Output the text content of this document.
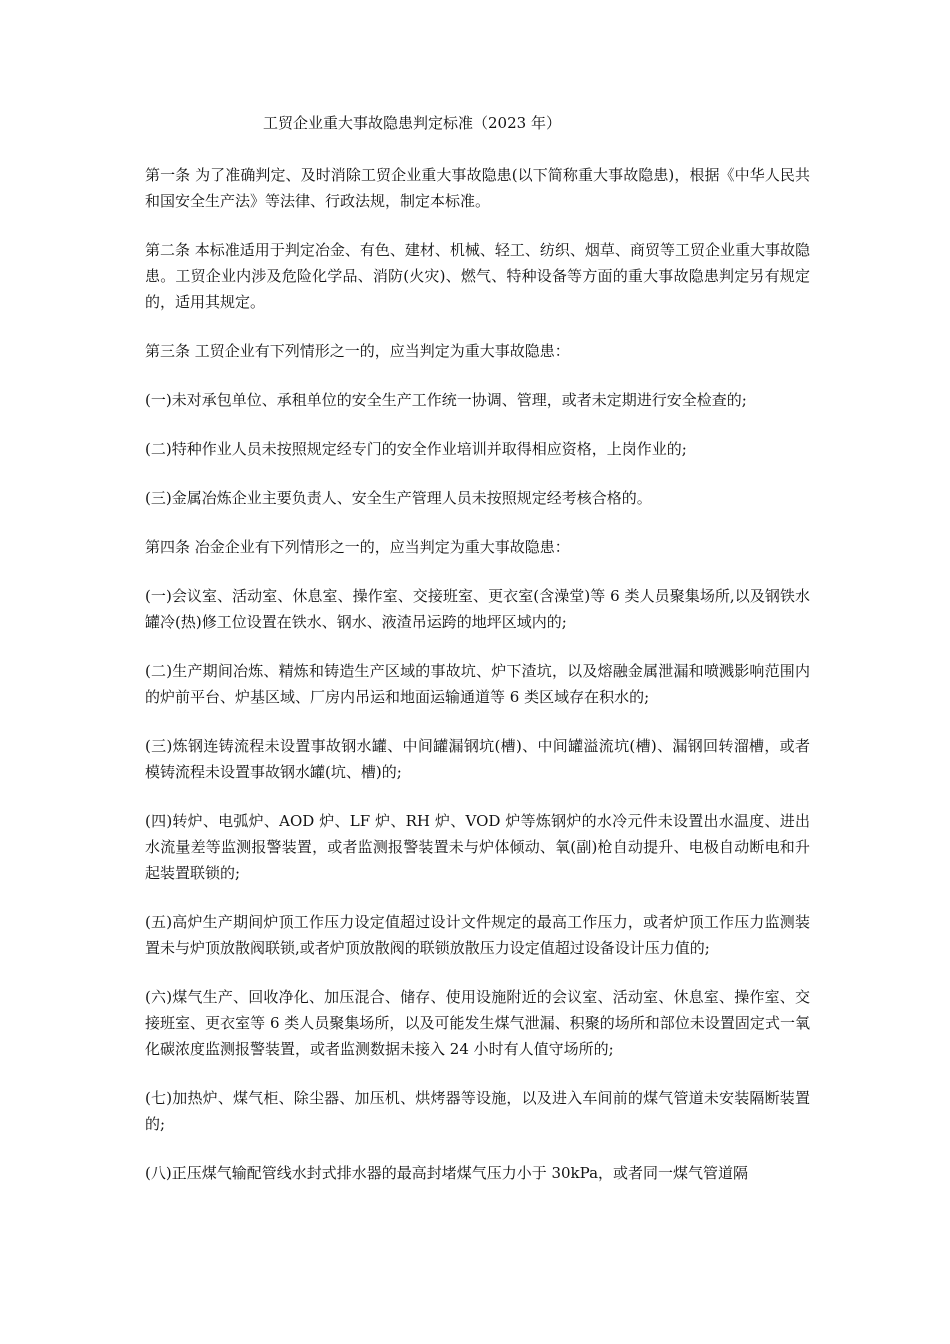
工贸企业重大事故隐患判定标准（2023 年）

第一条 为了准确判定、及时消除工贸企业重大事故隐患(以下简称重大事故隐患)，根据《中华人民共和国安全生产法》等法律、行政法规，制定本标准。

第二条 本标准适用于判定冶金、有色、建材、机械、轻工、纺织、烟草、商贸等工贸企业重大事故隐患。工贸企业内涉及危险化学品、消防(火灾)、燃气、特种设备等方面的重大事故隐患判定另有规定的，适用其规定。

第三条 工贸企业有下列情形之一的，应当判定为重大事故隐患：

(一)未对承包单位、承租单位的安全生产工作统一协调、管理，或者未定期进行安全检查的;

(二)特种作业人员未按照规定经专门的安全作业培训并取得相应资格，上岗作业的;

(三)金属冶炼企业主要负责人、安全生产管理人员未按照规定经考核合格的。

第四条 冶金企业有下列情形之一的，应当判定为重大事故隐患：

(一)会议室、活动室、休息室、操作室、交接班室、更衣室(含澡堂)等 6 类人员聚集场所,以及钢铁水罐冷(热)修工位设置在铁水、钢水、液渣吊运跨的地坪区域内的;

(二)生产期间冶炼、精炼和铸造生产区域的事故坑、炉下渣坑，以及熔融金属泄漏和喷溅影响范围内的炉前平台、炉基区域、厂房内吊运和地面运输通道等 6 类区域存在积水的;

(三)炼钢连铸流程未设置事故钢水罐、中间罐漏钢坑(槽)、中间罐溢流坑(槽)、漏钢回转溜槽，或者模铸流程未设置事故钢水罐(坑、槽)的;

(四)转炉、电弧炉、AOD 炉、LF 炉、RH 炉、VOD 炉等炼钢炉的水冷元件未设置出水温度、进出水流量差等监测报警装置，或者监测报警装置未与炉体倾动、氧(副)枪自动提升、电极自动断电和升起装置联锁的;

(五)高炉生产期间炉顶工作压力设定值超过设计文件规定的最高工作压力，或者炉顶工作压力监测装置未与炉顶放散阀联锁,或者炉顶放散阀的联锁放散压力设定值超过设备设计压力值的;

(六)煤气生产、回收净化、加压混合、储存、使用设施附近的会议室、活动室、休息室、操作室、交接班室、更衣室等 6 类人员聚集场所，以及可能发生煤气泄漏、积聚的场所和部位未设置固定式一氧化碳浓度监测报警装置，或者监测数据未接入 24 小时有人值守场所的;

(七)加热炉、煤气柜、除尘器、加压机、烘烤器等设施，以及进入车间前的煤气管道未安装隔断装置的;

(八)正压煤气输配管线水封式排水器的最高封堵煤气压力小于 30kPa，或者同一煤气管道隔
